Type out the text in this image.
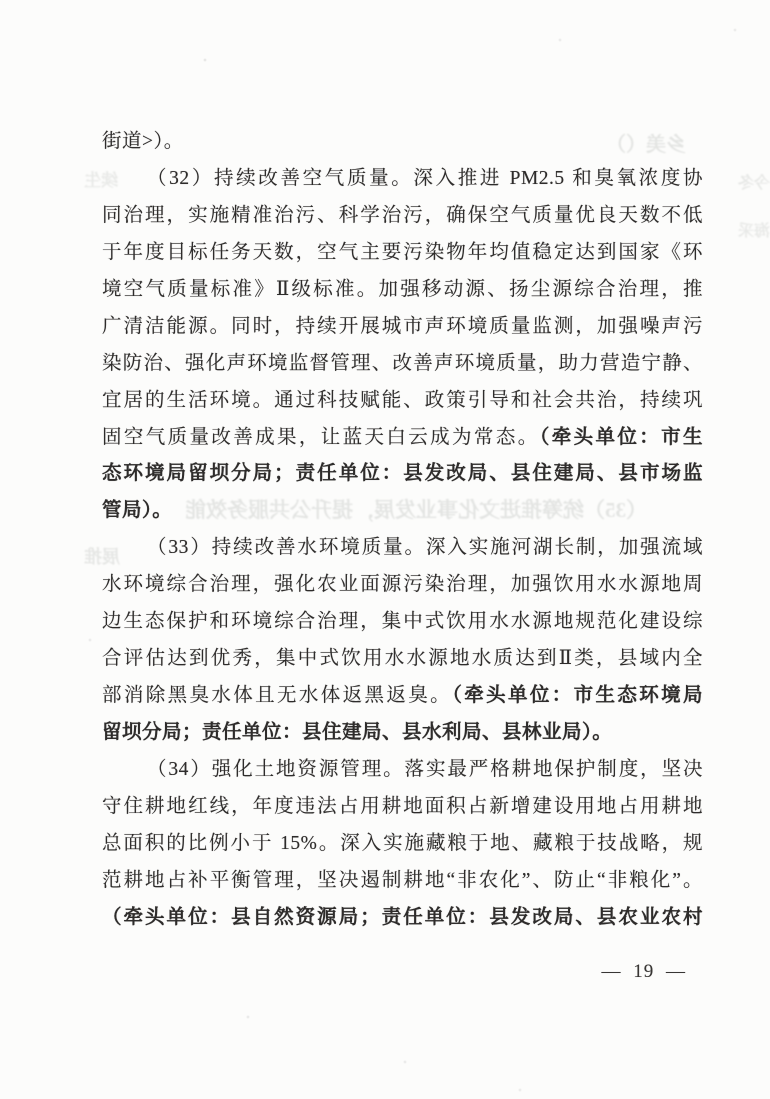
街道>）。
（32）持续改善空气质量。深入推进 PM2.5 和臭氧浓度协
同治理，实施精准治污、科学治污，确保空气质量优良天数不低
于年度目标任务天数，空气主要污染物年均值稳定达到国家《环
境空气质量标准》Ⅱ级标准。加强移动源、扬尘源综合治理，推
广清洁能源。同时，持续开展城市声环境质量监测，加强噪声污
染防治、强化声环境监督管理、改善声环境质量，助力营造宁静、
宜居的生活环境。通过科技赋能、政策引导和社会共治，持续巩
固空气质量改善成果，让蓝天白云成为常态。（牵头单位：市生
态环境局留坝分局；责任单位：县发改局、县住建局、县市场监
管局）。
（33）持续改善水环境质量。深入实施河湖长制，加强流域
水环境综合治理，强化农业面源污染治理，加强饮用水水源地周
边生态保护和环境综合治理，集中式饮用水水源地规范化建设综
合评估达到优秀，集中式饮用水水源地水质达到Ⅱ类，县域内全
部消除黑臭水体且无水体返黑返臭。（牵头单位：市生态环境局
留坝分局；责任单位：县住建局、县水利局、县林业局）。
（34）强化土地资源管理。落实最严格耕地保护制度，坚决
守住耕地红线，年度违法占用耕地面积占新增建设用地占用耕地
总面积的比例小于 15%。深入实施藏粮于地、藏粮于技战略，规
范耕地占补平衡管理，坚决遏制耕地“非农化”、防止“非粮化”。
（牵头单位：县自然资源局；责任单位：县发改局、县农业农村
— 19 —
乡美（）
今冬
海采
（35）统筹推进文化事业发展，提升公共服务效能
展推
续生
